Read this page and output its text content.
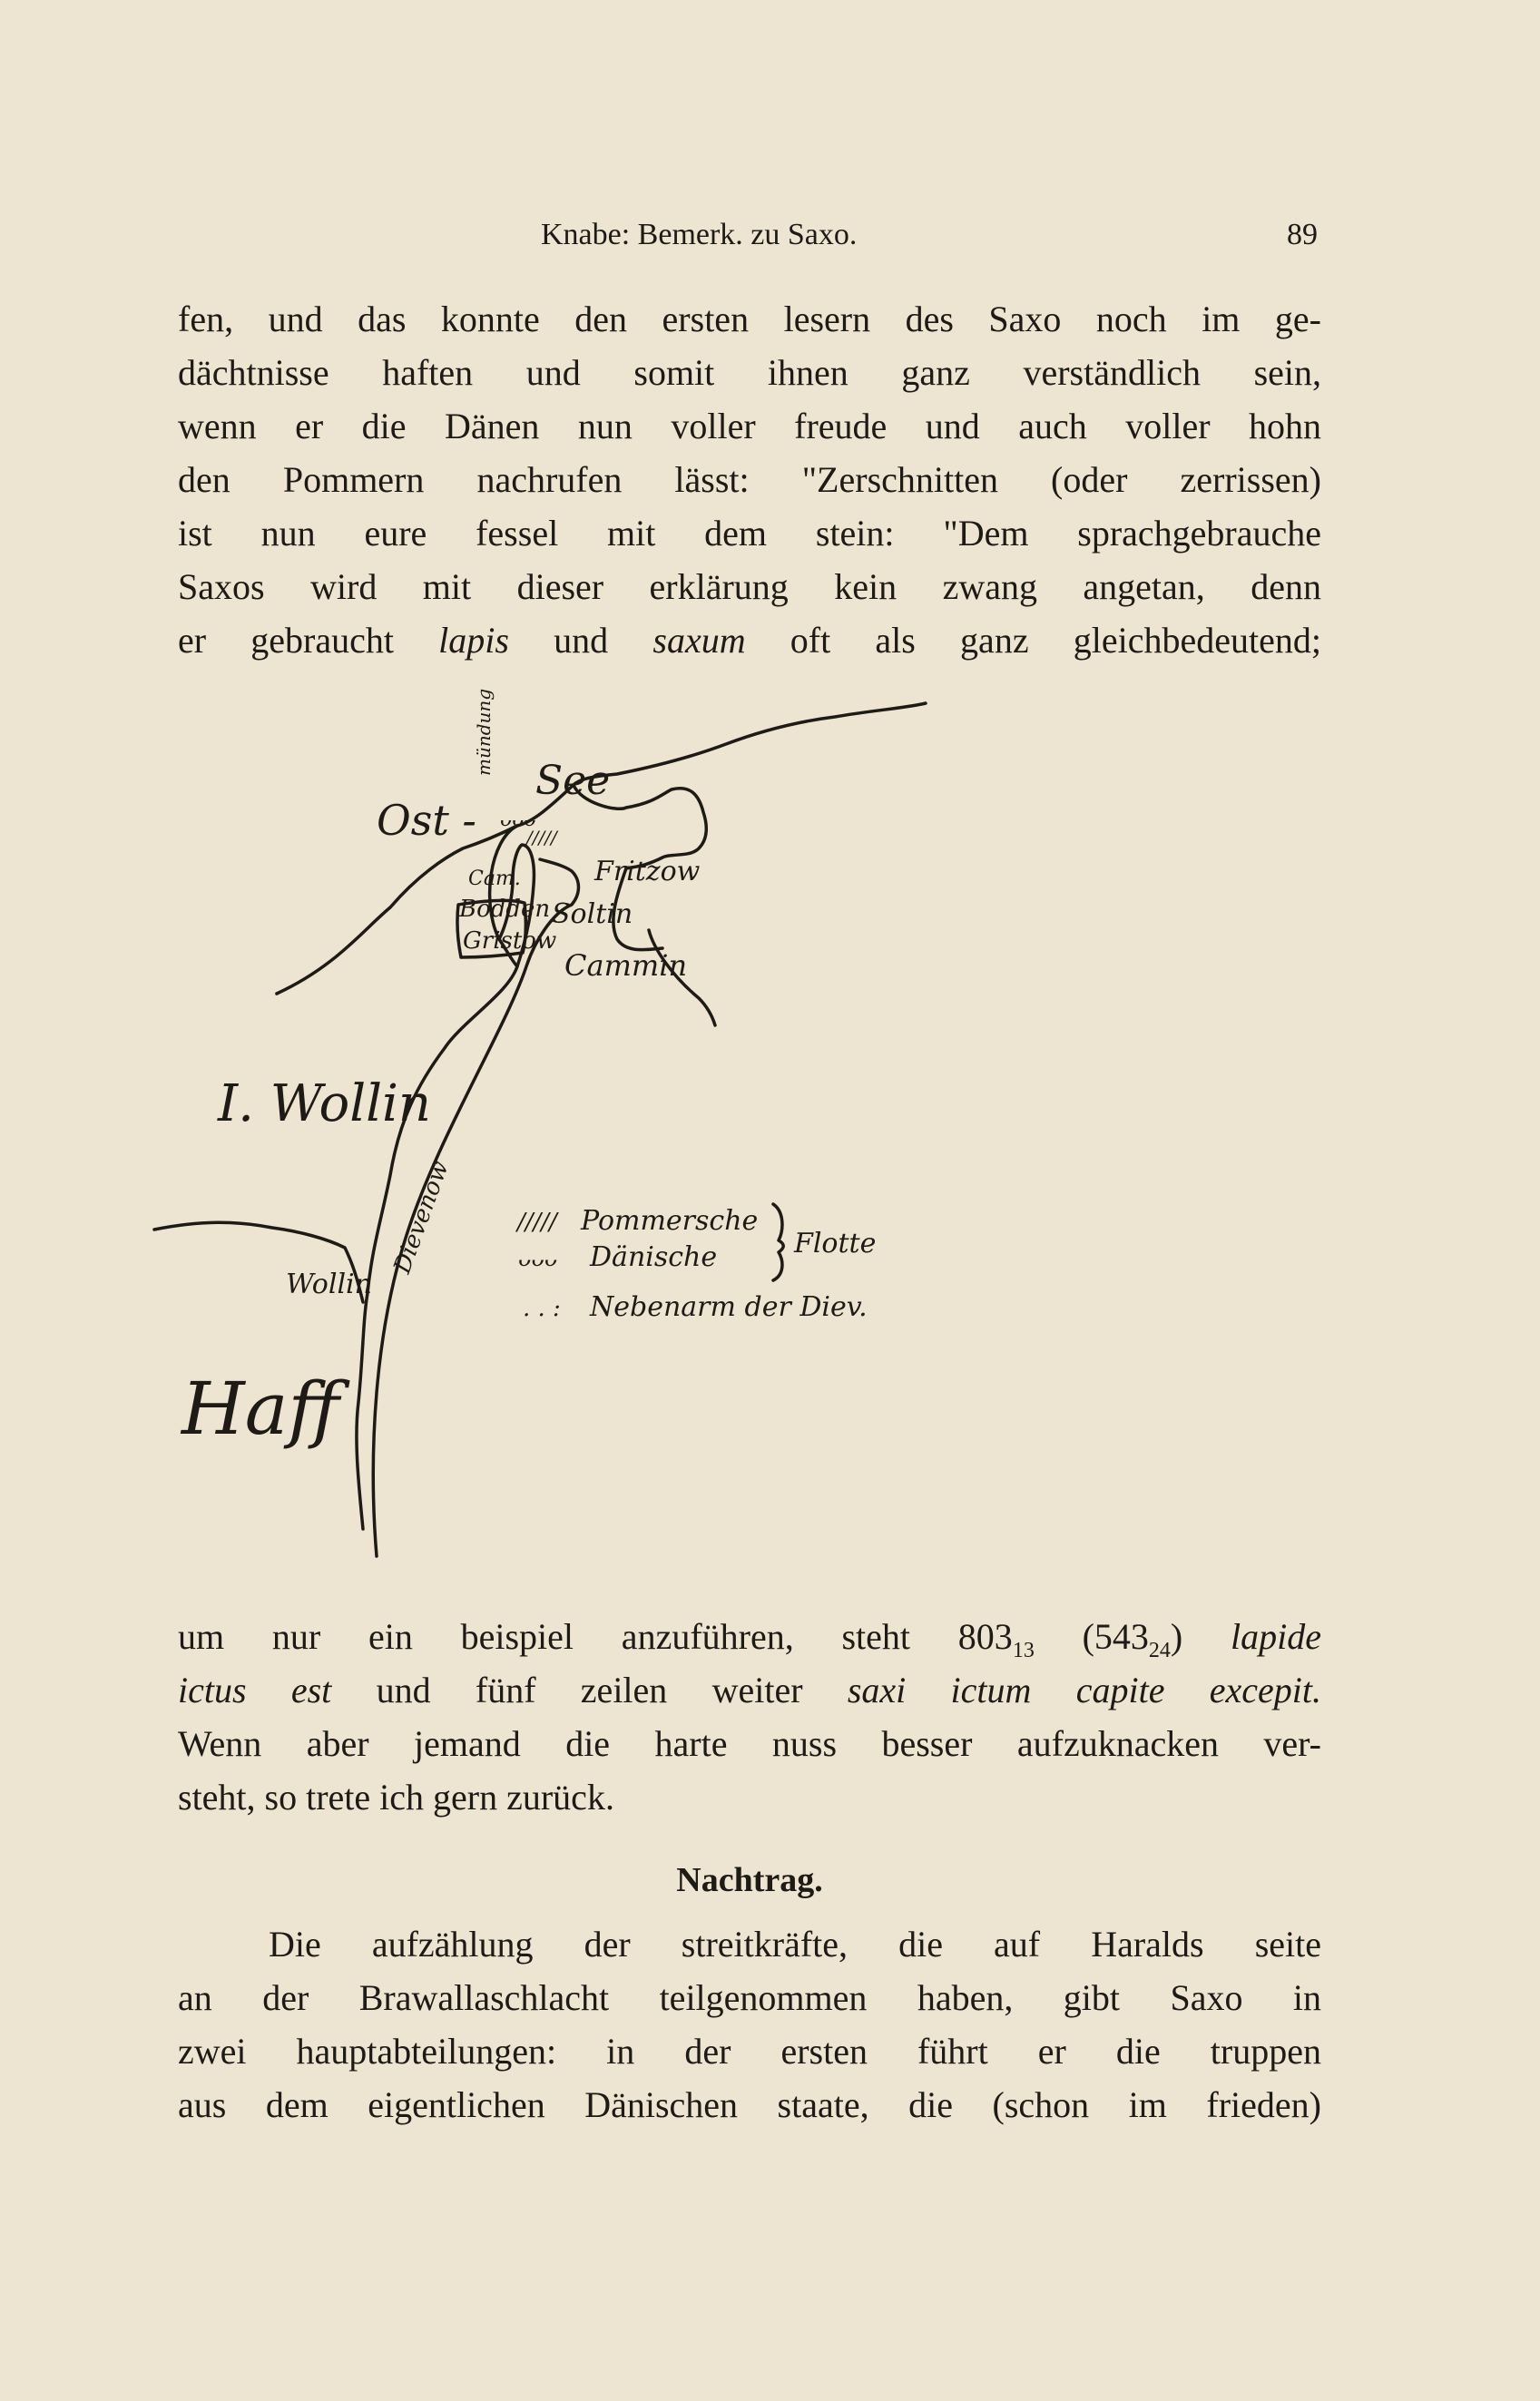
Knabe: Bemerk. zu Saxo.	89
fen, und das konnte den ersten lesern des Saxo noch im ge-
dächtnisse haften und somit ihnen ganz verständlich sein,
wenn er die Dänen nun voller freude und auch voller hohn
den Pommern nachrufen lässt: "Zerschnitten (oder zerrissen)
ist nun eure fessel mit dem stein: "Dem sprachgebrauche
Saxos wird mit dieser erklärung kein zwang angetan, denn
er gebraucht lapis und saxum oft als ganz gleichbedeutend;
ᴗᴗᴗ
/////
Ost -
mündung
See
Fritzow
Cam.
Bodden Soltin
Gristow
Cammin
I. Wollin
Wollin
Dievenow
Haff
///// Pommersche
ᴗᴗᴗ Dänische	Flotte
. . : Nebenarm der Diev.
um nur ein beispiel anzuführen, steht $803_{13}$ $(543_{24})$ lapide
ictus est und fünf zeilen weiter saxi ictum capite excepit.
Wenn aber jemand die harte nuss besser aufzuknacken ver-
steht, so trete ich gern zurück.
Nachtrag.
Die aufzählung der streitkräfte, die auf Haralds seite
an der Brawallaschlacht teilgenommen haben, gibt Saxo in
zwei hauptabteilungen: in der ersten führt er die truppen
aus dem eigentlichen Dänischen staate, die (schon im frieden)
